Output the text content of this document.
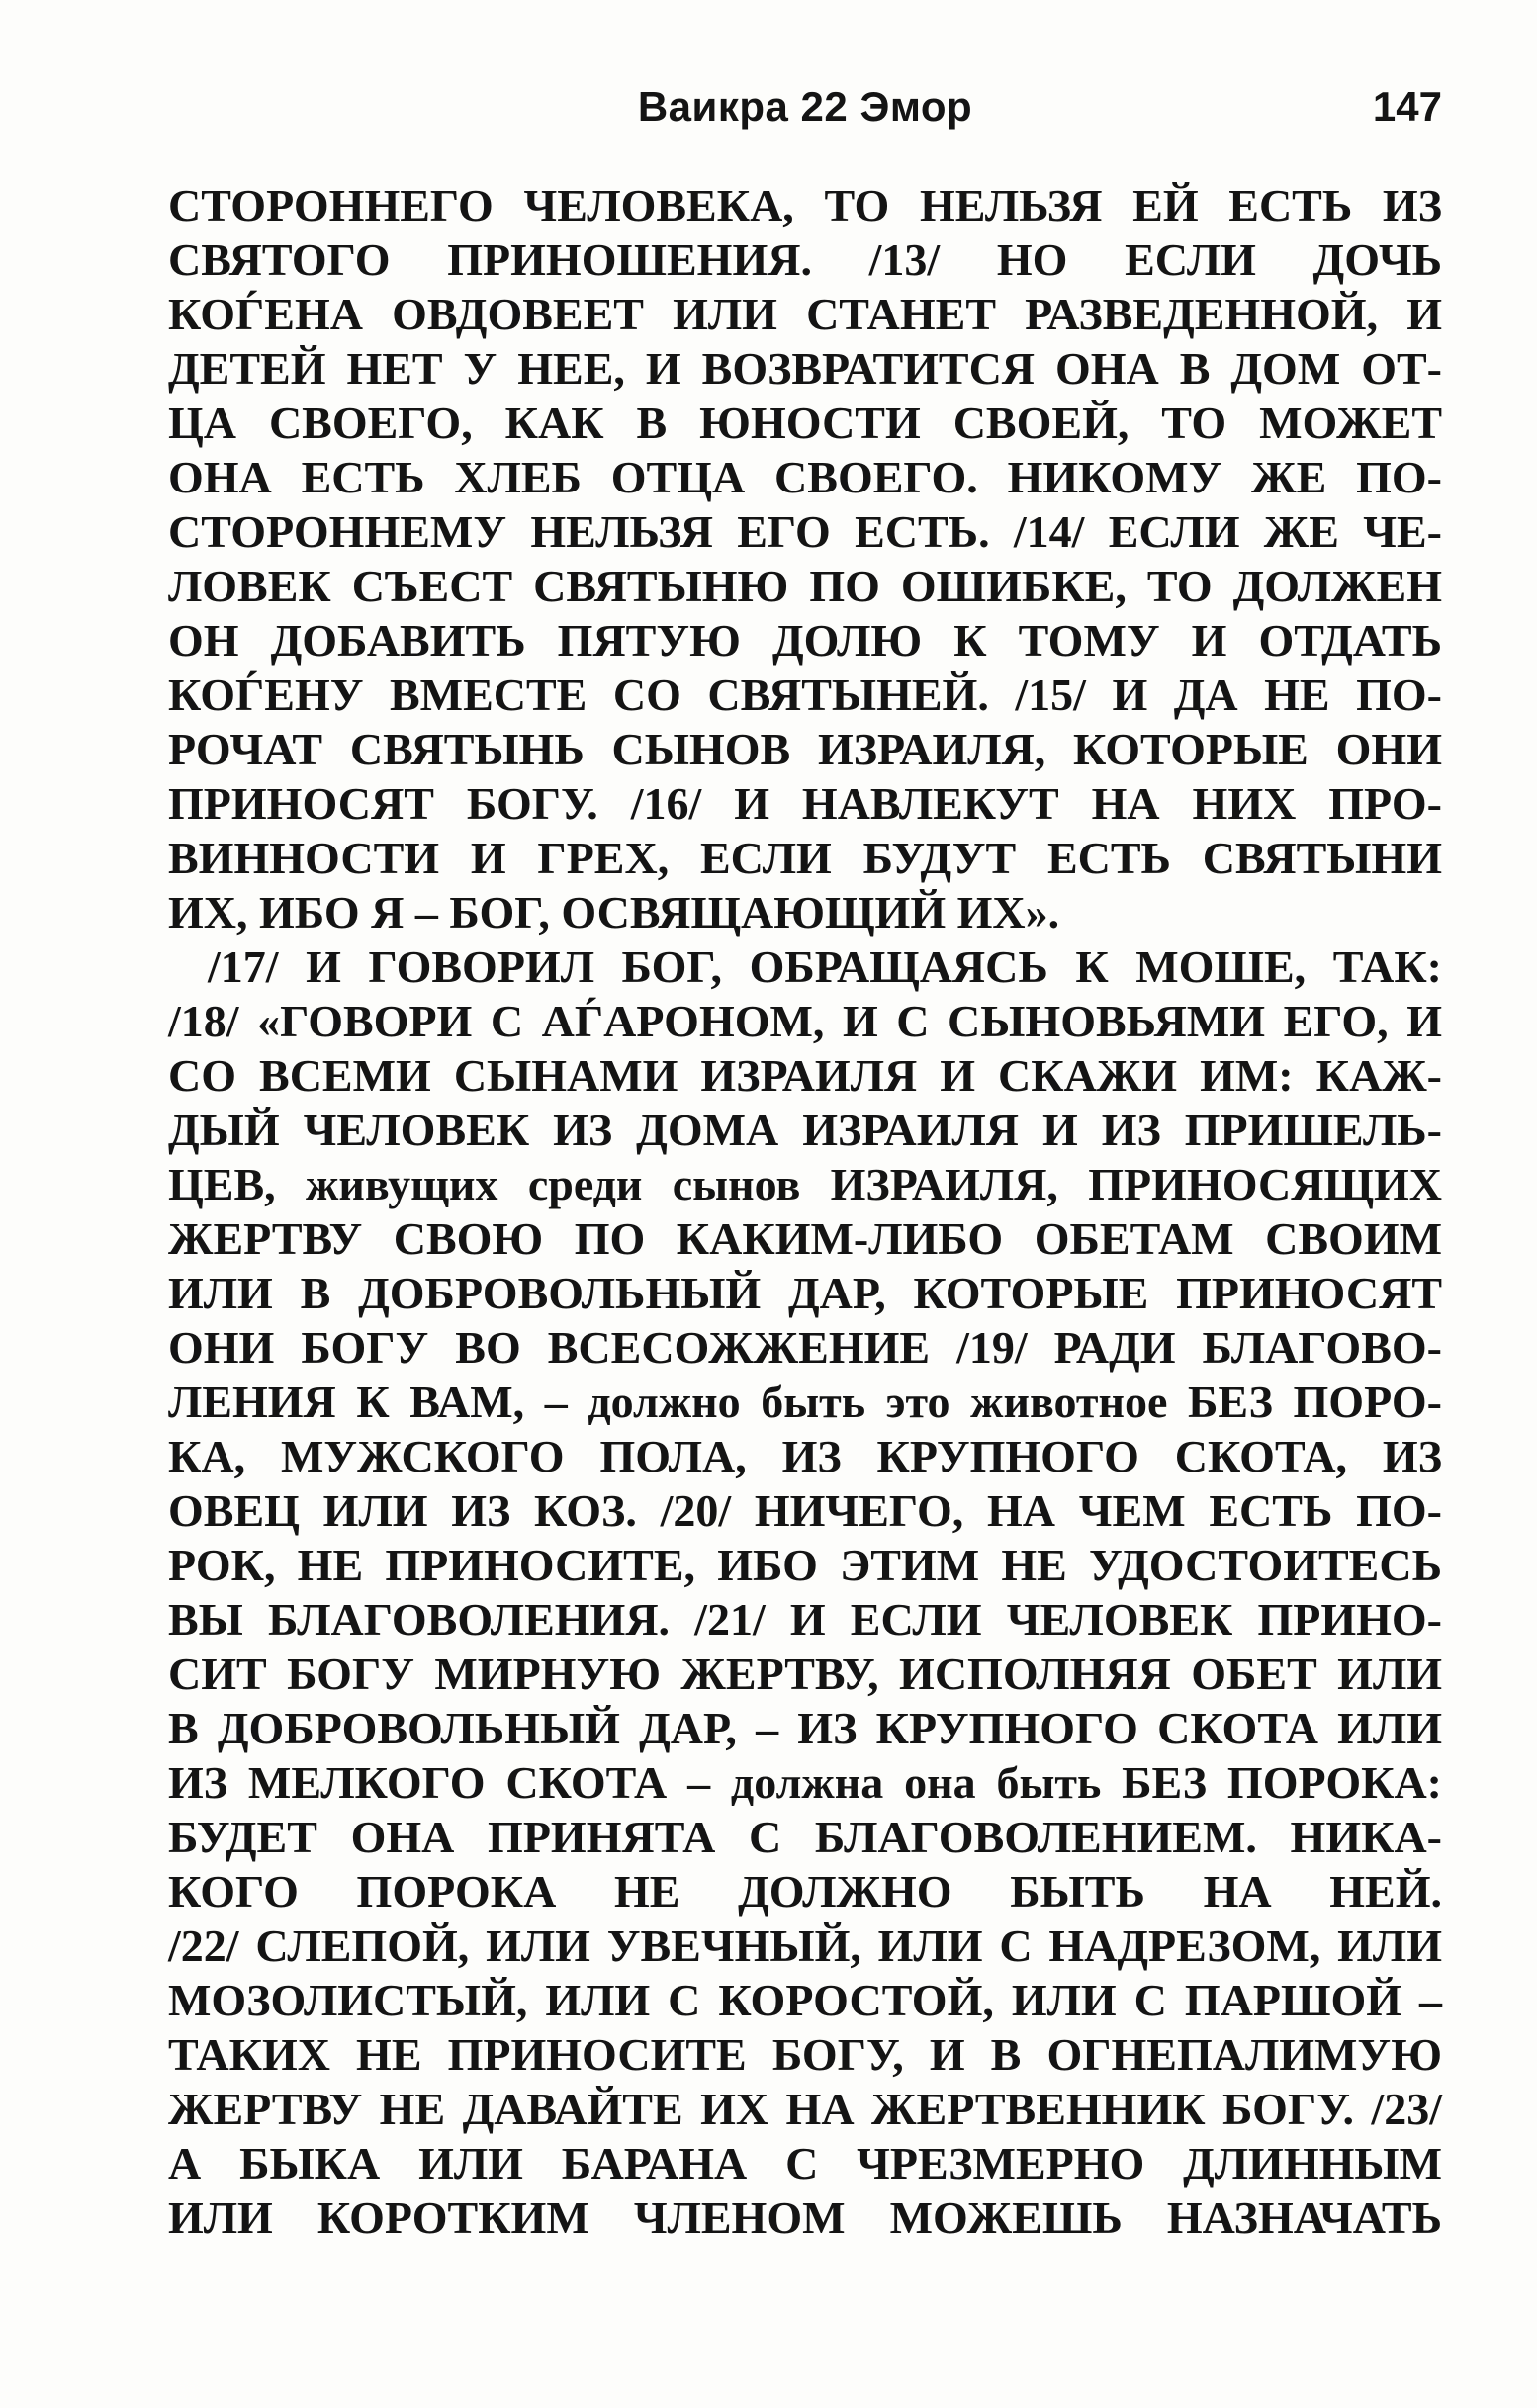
Ваикра 22 Эмор	147
СТОРОННЕГО ЧЕЛОВЕКА, ТО НЕЛЬЗЯ ЕЙ ЕСТЬ ИЗ
СВЯТОГО ПРИНОШЕНИЯ. /13/ НО ЕСЛИ ДОЧЬ
КОЃЕНА ОВДОВЕЕТ ИЛИ СТАНЕТ РАЗВЕДЕННОЙ, И
ДЕТЕЙ НЕТ У НЕЕ, И ВОЗВРАТИТСЯ ОНА В ДОМ ОТ-
ЦА СВОЕГО, КАК В ЮНОСТИ СВОЕЙ, ТО МОЖЕТ
ОНА ЕСТЬ ХЛЕБ ОТЦА СВОЕГО. НИКОМУ ЖЕ ПО-
СТОРОННЕМУ НЕЛЬЗЯ ЕГО ЕСТЬ. /14/ ЕСЛИ ЖЕ ЧЕ-
ЛОВЕК СЪЕСТ СВЯТЫНЮ ПО ОШИБКЕ, ТО ДОЛЖЕН
ОН ДОБАВИТЬ ПЯТУЮ ДОЛЮ К ТОМУ И ОТДАТЬ
КОЃЕНУ ВМЕСТЕ СО СВЯТЫНЕЙ. /15/ И ДА НЕ ПО-
РОЧАТ СВЯТЫНЬ СЫНОВ ИЗРАИЛЯ, КОТОРЫЕ ОНИ
ПРИНОСЯТ БОГУ. /16/ И НАВЛЕКУТ НА НИХ ПРО-
ВИННОСТИ И ГРЕХ, ЕСЛИ БУДУТ ЕСТЬ СВЯТЫНИ
ИХ, ИБО Я – БОГ, ОСВЯЩАЮЩИЙ ИХ».
/17/ И ГОВОРИЛ БОГ, ОБРАЩАЯСЬ К МОШЕ, ТАК:
/18/ «ГОВОРИ С АЃАРОНОМ, И С СЫНОВЬЯМИ ЕГО, И
СО ВСЕМИ СЫНАМИ ИЗРАИЛЯ И СКАЖИ ИМ: КАЖ-
ДЫЙ ЧЕЛОВЕК ИЗ ДОМА ИЗРАИЛЯ И ИЗ ПРИШЕЛЬ-
ЦЕВ, живущих среди сынов ИЗРАИЛЯ, ПРИНОСЯЩИХ
ЖЕРТВУ СВОЮ ПО КАКИМ-ЛИБО ОБЕТАМ СВОИМ
ИЛИ В ДОБРОВОЛЬНЫЙ ДАР, КОТОРЫЕ ПРИНОСЯТ
ОНИ БОГУ ВО ВСЕСОЖЖЕНИЕ /19/ РАДИ БЛАГОВО-
ЛЕНИЯ К ВАМ, – должно быть это животное БЕЗ ПОРО-
КА, МУЖСКОГО ПОЛА, ИЗ КРУПНОГО СКОТА, ИЗ
ОВЕЦ ИЛИ ИЗ КОЗ. /20/ НИЧЕГО, НА ЧЕМ ЕСТЬ ПО-
РОК, НЕ ПРИНОСИТЕ, ИБО ЭТИМ НЕ УДОСТОИТЕСЬ
ВЫ БЛАГОВОЛЕНИЯ. /21/ И ЕСЛИ ЧЕЛОВЕК ПРИНО-
СИТ БОГУ МИРНУЮ ЖЕРТВУ, ИСПОЛНЯЯ ОБЕТ ИЛИ
В ДОБРОВОЛЬНЫЙ ДАР, – ИЗ КРУПНОГО СКОТА ИЛИ
ИЗ МЕЛКОГО СКОТА – должна она быть БЕЗ ПОРОКА:
БУДЕТ ОНА ПРИНЯТА С БЛАГОВОЛЕНИЕМ. НИКА-
КОГО ПОРОКА НЕ ДОЛЖНО БЫТЬ НА НЕЙ.
/22/ СЛЕПОЙ, ИЛИ УВЕЧНЫЙ, ИЛИ С НАДРЕЗОМ, ИЛИ
МОЗОЛИСТЫЙ, ИЛИ С КОРОСТОЙ, ИЛИ С ПАРШОЙ –
ТАКИХ НЕ ПРИНОСИТЕ БОГУ, И В ОГНЕПАЛИМУЮ
ЖЕРТВУ НЕ ДАВАЙТЕ ИХ НА ЖЕРТВЕННИК БОГУ. /23/
А БЫКА ИЛИ БАРАНА С ЧРЕЗМЕРНО ДЛИННЫМ
ИЛИ КОРОТКИМ ЧЛЕНОМ МОЖЕШЬ НАЗНАЧАТЬ
